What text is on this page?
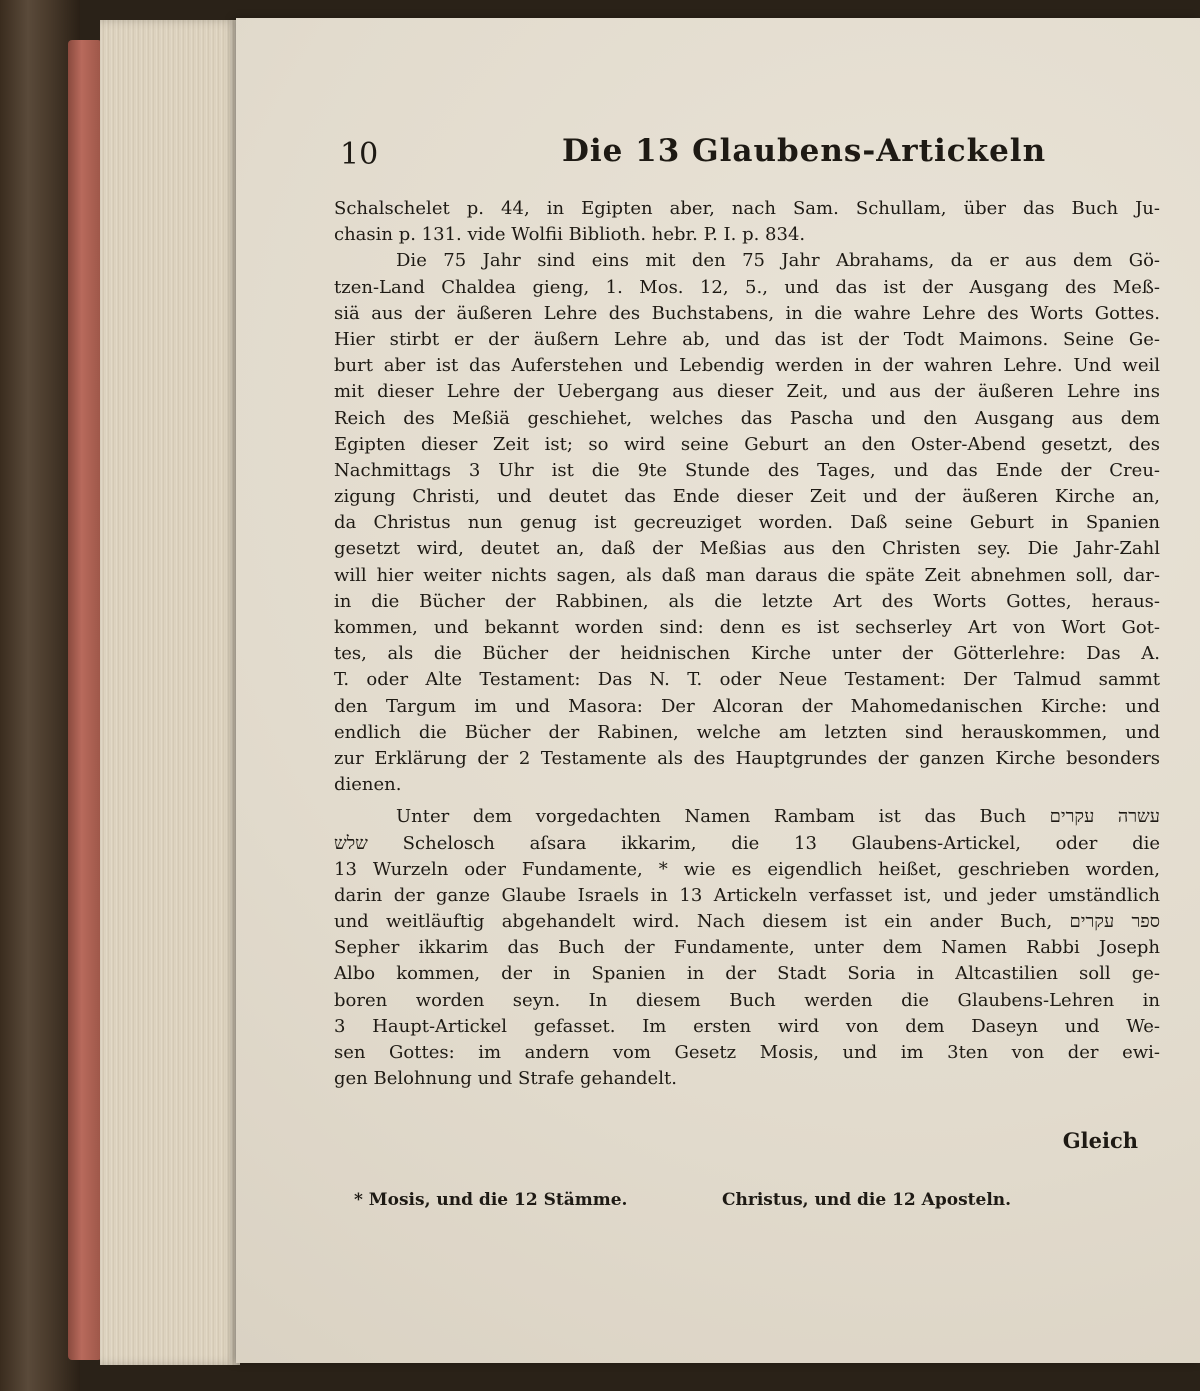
10	Die 13 Glaubens-Artickeln
Schalschelet p. 44, in Egipten aber, nach Sam. Schullam, über das Buch Ju-
chasin p. 131. vide Wolfii Biblioth. hebr. P. I. p. 834.
Die 75 Jahr sind eins mit den 75 Jahr Abrahams, da er aus dem Gö-
tzen-Land Chaldea gieng, 1. Mos. 12, 5., und das ist der Ausgang des Meß-
siä aus der äußeren Lehre des Buchstabens, in die wahre Lehre des Worts Gottes.
Hier stirbt er der äußern Lehre ab, und das ist der Todt Maimons. Seine Ge-
burt aber ist das Auferstehen und Lebendig werden in der wahren Lehre. Und weil
mit dieser Lehre der Uebergang aus dieser Zeit, und aus der äußeren Lehre ins
Reich des Meßiä geschiehet, welches das Pascha und den Ausgang aus dem
Egipten dieser Zeit ist; so wird seine Geburt an den Oster-Abend gesetzt, des
Nachmittags 3 Uhr ist die 9te Stunde des Tages, und das Ende der Creu-
zigung Christi, und deutet das Ende dieser Zeit und der äußeren Kirche an,
da Christus nun genug ist gecreuziget worden. Daß seine Geburt in Spanien
gesetzt wird, deutet an, daß der Meßias aus den Christen sey. Die Jahr-Zahl
will hier weiter nichts sagen, als daß man daraus die späte Zeit abnehmen soll, dar-
in die Bücher der Rabbinen, als die letzte Art des Worts Gottes, heraus-
kommen, und bekannt worden sind: denn es ist sechserley Art von Wort Got-
tes, als die Bücher der heidnischen Kirche unter der Götterlehre: Das A.
T. oder Alte Testament: Das N. T. oder Neue Testament: Der Talmud sammt
den Targum im und Masora: Der Alcoran der Mahomedanischen Kirche: und
endlich die Bücher der Rabinen, welche am letzten sind herauskommen, und
zur Erklärung der 2 Testamente als des Hauptgrundes der ganzen Kirche besonders
dienen.
Unter dem vorgedachten Namen Rambam ist das Buch עשרה עקרים
שלש Schelosch aſsara ikkarim, die 13 Glaubens-Artickel, oder die
13 Wurzeln oder Fundamente, * wie es eigendlich heißet, geschrieben worden,
darin der ganze Glaube Israels in 13 Artickeln verfasset ist, und jeder umständlich
und weitläuftig abgehandelt wird. Nach diesem ist ein ander Buch, ספר עקרים
Sepher ikkarim das Buch der Fundamente, unter dem Namen Rabbi Joseph
Albo kommen, der in Spanien in der Stadt Soria in Altcastilien soll ge-
boren worden seyn. In diesem Buch werden die Glaubens-Lehren in
3 Haupt-Artickel gefasset. Im ersten wird von dem Daseyn und We-
sen Gottes: im andern vom Gesetz Mosis, und im 3ten von der ewi-
gen Belohnung und Strafe gehandelt.
Gleich
* Mosis, und die 12 Stämme.	Christus, und die 12 Aposteln.
